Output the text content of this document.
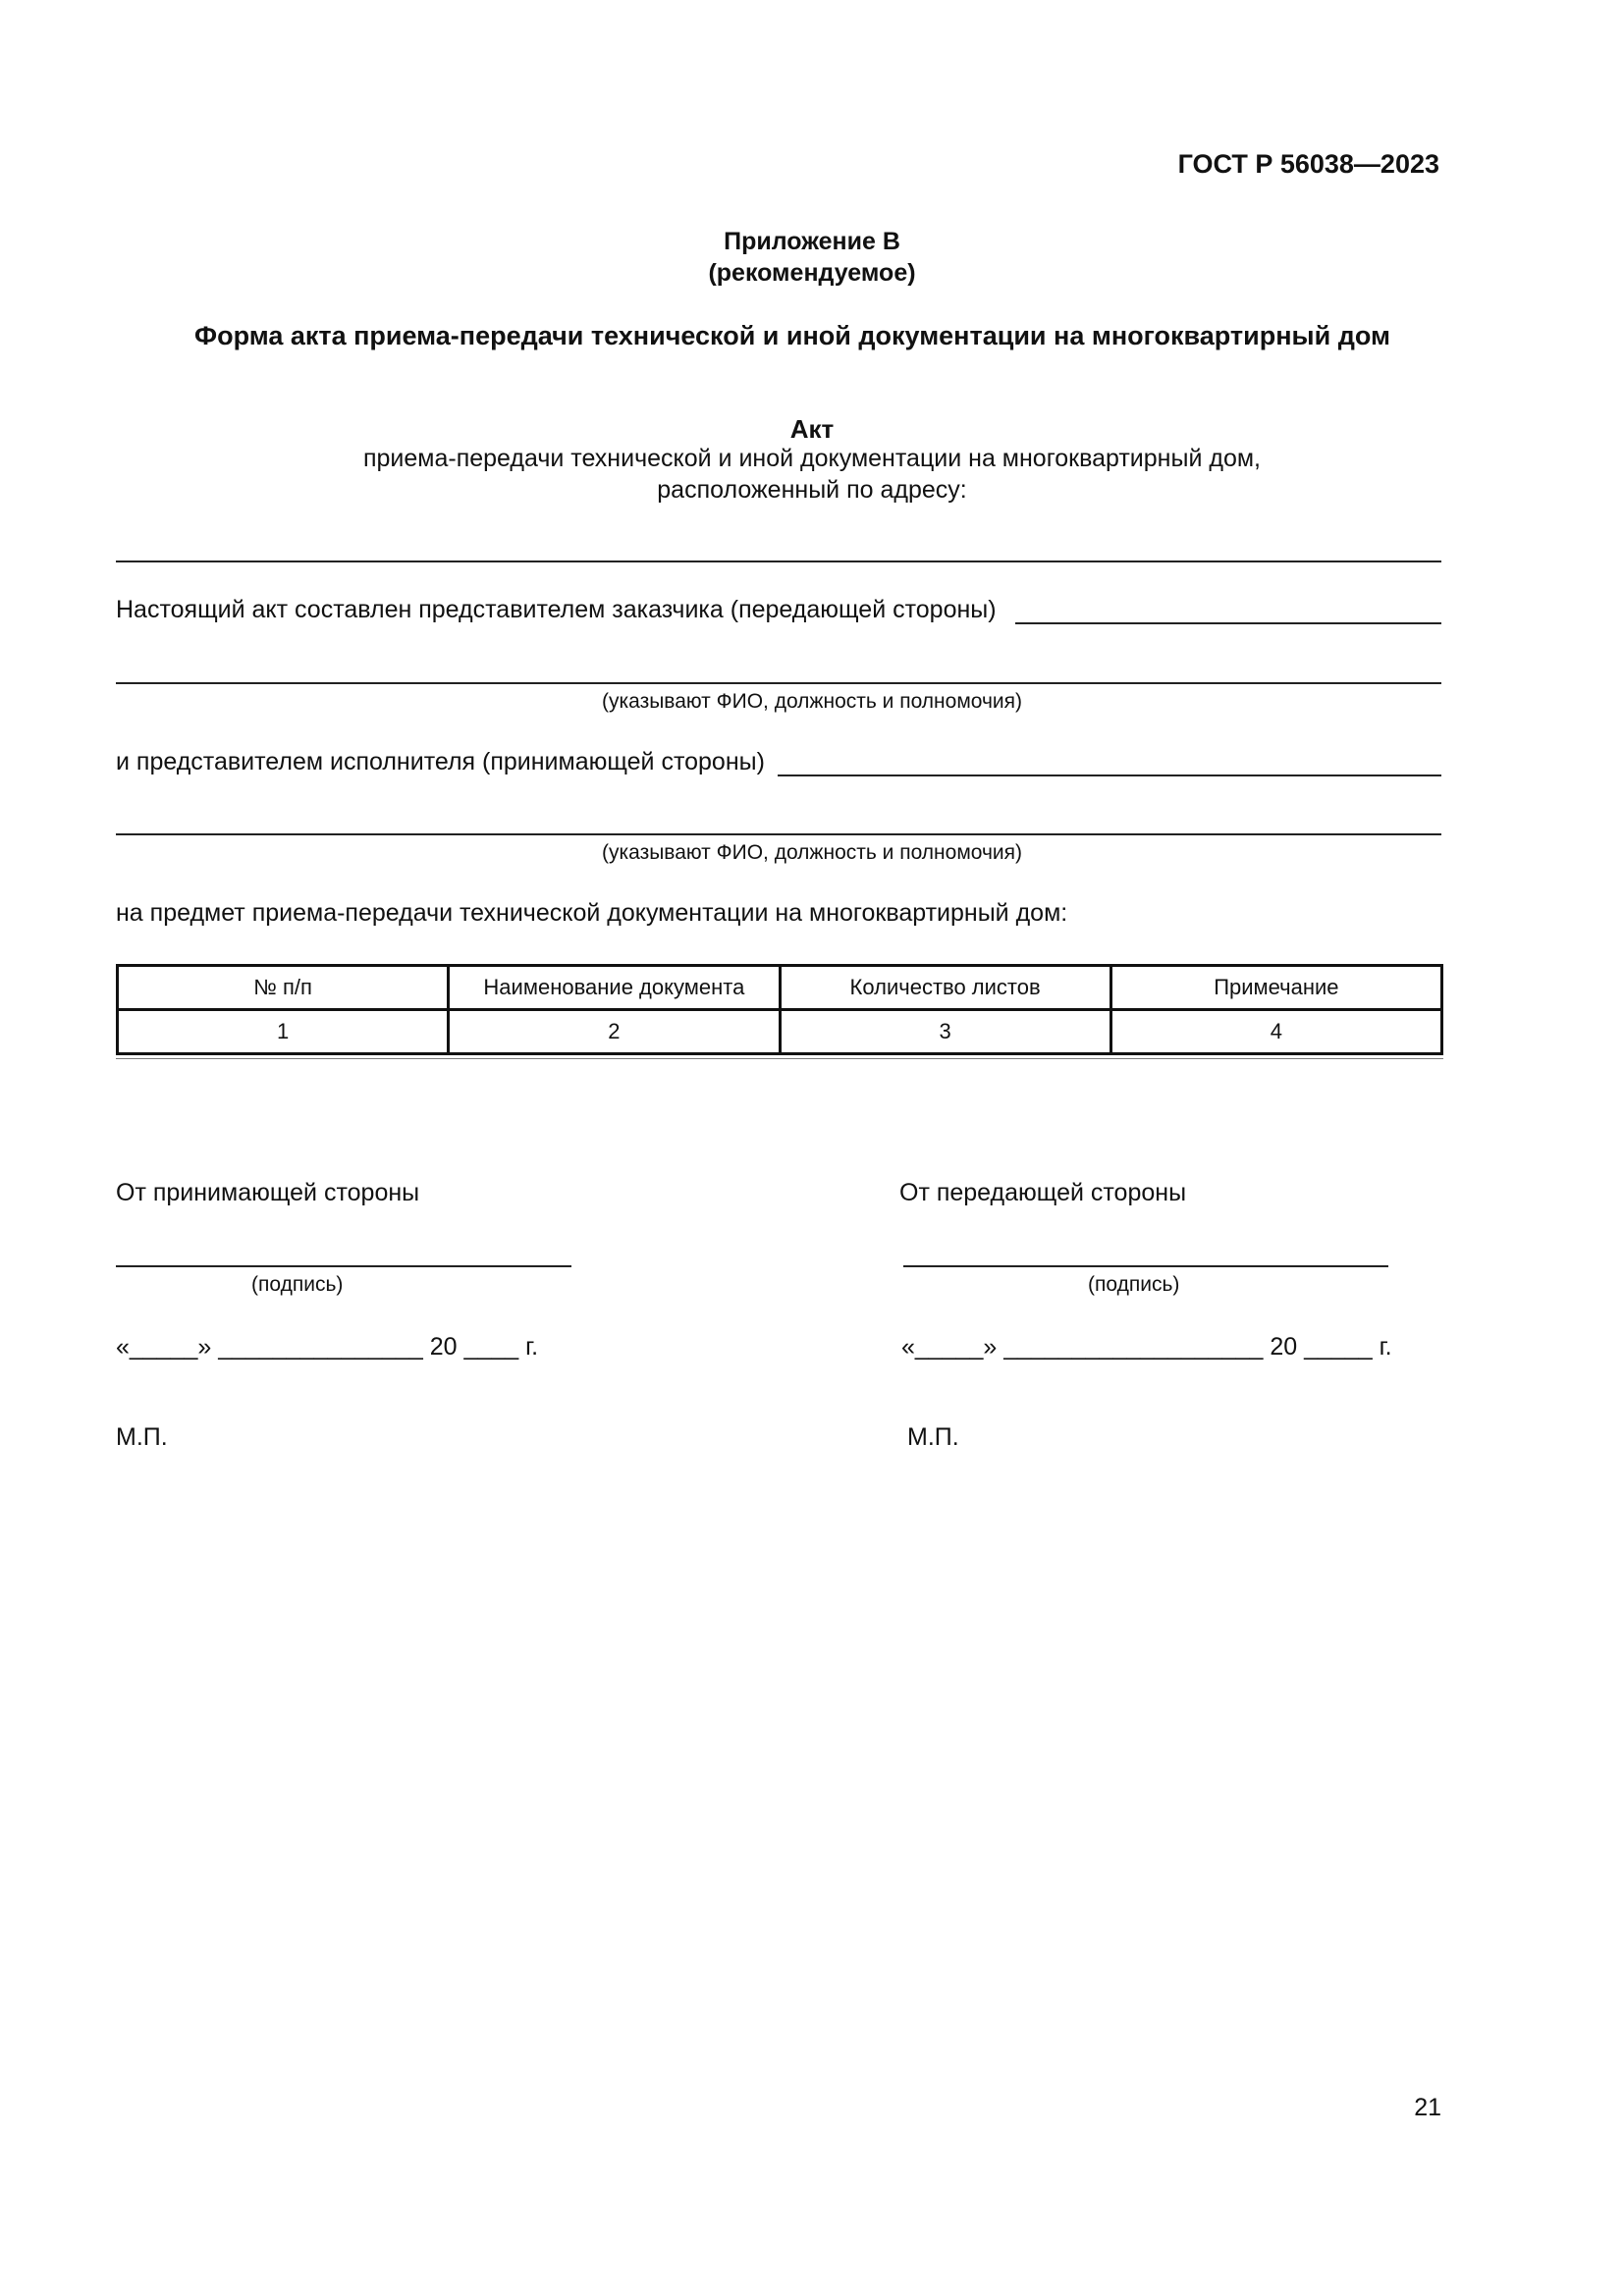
ГОСТ Р 56038—2023
Приложение В
(рекомендуемое)
Форма акта приема-передачи технической и иной документации на многоквартирный дом
Акт
приема-передачи технической и иной документации на многоквартирный дом,
расположенный по адресу:
Настоящий акт составлен представителем заказчика (передающей стороны)
(указывают ФИО, должность и полномочия)
и представителем исполнителя (принимающей стороны)
(указывают ФИО, должность и полномочия)
на предмет приема-передачи технической документации на многоквартирный дом:
№ п/п	Наименование документа	Количество листов	Примечание
1	2	3	4
От принимающей стороны
(подпись)
«_____» _______________ 20 ____ г.
М.П.
От передающей стороны
(подпись)
«_____» ___________________ 20 _____ г.
М.П.
21
